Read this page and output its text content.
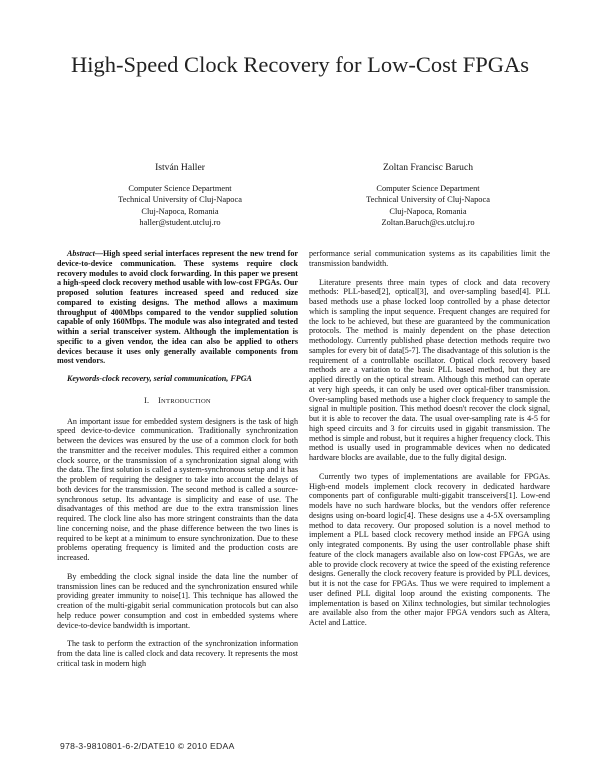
High-Speed Clock Recovery for Low-Cost FPGAs
István Haller
Computer Science Department
Technical University of Cluj-Napoca
Cluj-Napoca, Romania
haller@student.utcluj.ro
Zoltan Francisc Baruch
Computer Science Department
Technical University of Cluj-Napoca
Cluj-Napoca, Romania
Zoltan.Baruch@cs.utcluj.ro

Abstract—High speed serial interfaces represent the new trend for device-to-device communication. These systems require clock recovery modules to avoid clock forwarding. In this paper we present a high-speed clock recovery method usable with low-cost FPGAs. Our proposed solution features increased speed and reduced size compared to existing designs. The method allows a maximum throughput of 400Mbps compared to the vendor supplied solution capable of only 160Mbps. The module was also integrated and tested within a serial transceiver system. Although the implementation is specific to a given vendor, the idea can also be applied to others devices because it uses only generally available components from most vendors.

Keywords-clock recovery, serial communication, FPGA

I. INTRODUCTION

An important issue for embedded system designers is the task of high speed device-to-device communication. Traditionally synchronization between the devices was ensured by the use of a common clock for both the transmitter and the receiver modules. This required either a common clock source, or the transmission of a synchronization signal along with the data. The first solution is called a system-synchronous setup and it has the problem of requiring the designer to take into account the delays of both devices for the transmission. The second method is called a source-synchronous setup. Its advantage is simplicity and ease of use. The disadvantages of this method are due to the extra transmission lines required. The clock line also has more stringent constraints than the data line concerning noise, and the phase difference between the two lines is required to be kept at a minimum to ensure synchronization. Due to these problems operating frequency is limited and the production costs are increased.

By embedding the clock signal inside the data line the number of transmission lines can be reduced and the synchronization ensured while providing greater immunity to noise[1]. This technique has allowed the creation of the multi-gigabit serial communication protocols but can also help reduce power consumption and cost in embedded systems where device-to-device bandwidth is important.

The task to perform the extraction of the synchronization information from the data line is called clock and data recovery. It represents the most critical task in modern high

performance serial communication systems as its capabilities limit the transmission bandwidth.

Literature presents three main types of clock and data recovery methods: PLL-based[2], optical[3], and over-sampling based[4]. PLL based methods use a phase locked loop controlled by a phase detector which is sampling the input sequence. Frequent changes are required for the lock to be achieved, but these are guaranteed by the communication protocols. The method is mainly dependent on the phase detection methodology. Currently published phase detection methods require two samples for every bit of data[5-7]. The disadvantage of this solution is the requirement of a controllable oscillator. Optical clock recovery based methods are a variation to the basic PLL based method, but they are applied directly on the optical stream. Although this method can operate at very high speeds, it can only be used over optical-fiber transmission. Over-sampling based methods use a higher clock frequency to sample the signal in multiple position. This method doesn't recover the clock signal, but it is able to recover the data. The usual over-sampling rate is 4-5 for high speed circuits and 3 for circuits used in gigabit transmission. The method is simple and robust, but it requires a higher frequency clock. This method is usually used in programmable devices when no dedicated hardware blocks are available, due to the fully digital design.

Currently two types of implementations are available for FPGAs. High-end models implement clock recovery in dedicated hardware components part of configurable multi-gigabit transceivers[1]. Low-end models have no such hardware blocks, but the vendors offer reference designs using on-board logic[4]. These designs use a 4-5X oversampling method to data recovery. Our proposed solution is a novel method to implement a PLL based clock recovery method inside an FPGA using only integrated components. By using the user controllable phase shift feature of the clock managers available also on low-cost FPGAs, we are able to provide clock recovery at twice the speed of the existing reference designs. Generally the clock recovery feature is provided by PLL devices, but it is not the case for FPGAs. Thus we were required to implement a user defined PLL digital loop around the existing components. The implementation is based on Xilinx technologies, but similar technologies are available also from the other major FPGA vendors such as Altera, Actel and Lattice.

978-3-9810801-6-2/DATE10 © 2010 EDAA
